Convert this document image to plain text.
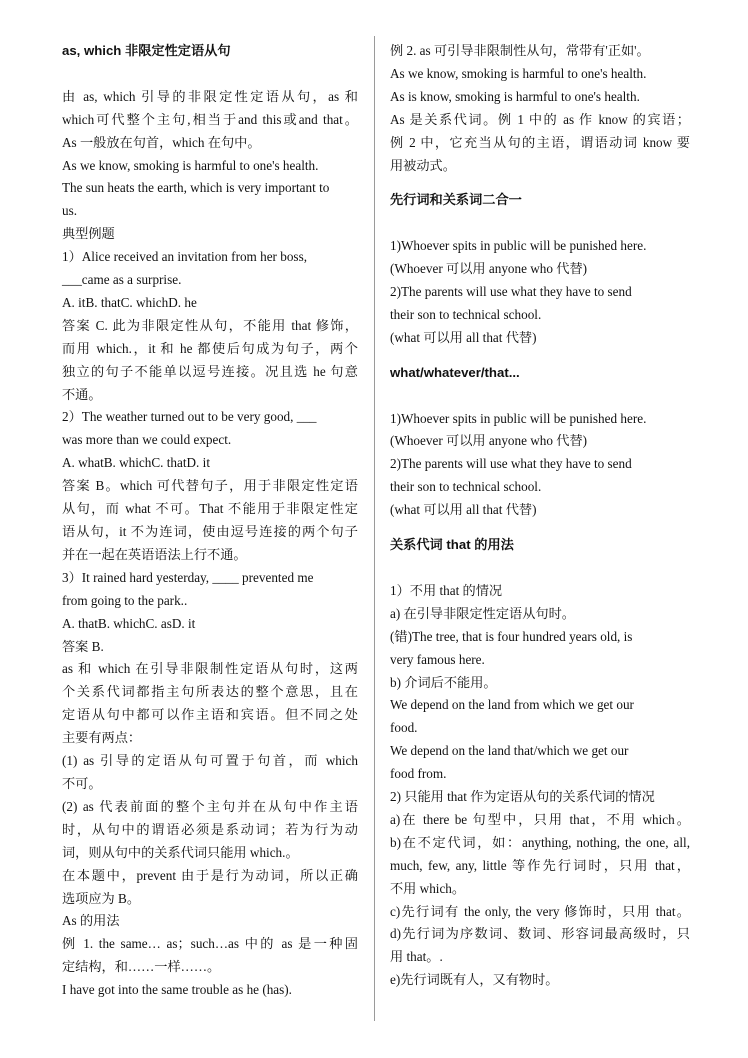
as, which 非限定性定语从句
由 as, which 引导的非限定性定语从句，as 和
which可代整个主句,相当于and this或and that。
As 一般放在句首，which 在句中。
As we know, smoking is harmful to one's health.
The sun heats the earth, which is very important to
us.
典型例题
1）Alice received an invitation from her boss,
___came as a surprise.
A. itB. thatC. whichD. he
答案 C. 此为非限定性从句，不能用 that 修饰，
而用 which.，it 和 he 都使后句成为句子，两个
独立的句子不能单以逗号连接。况且选 he 句意
不通。
2）The weather turned out to be very good, ___
was more than we could expect.
A. whatB. whichC. thatD. it
答案 B。which 可代替句子，用于非限定性定语
从句，而 what 不可。That 不能用于非限定性定
语从句，it 不为连词，使由逗号连接的两个句子
并在一起在英语语法上行不通。
3）It rained hard yesterday, ____ prevented me
from going to the park..
A. thatB. whichC. asD. it
答案 B.
as 和 which 在引导非限制性定语从句时，这两
个关系代词都指主句所表达的整个意思，且在
定语从句中都可以作主语和宾语。但不同之处
主要有两点：
(1) as 引导的定语从句可置于句首，而 which
不可。
(2) as 代表前面的整个主句并在从句中作主语
时，从句中的谓语必须是系动词；若为行为动
词，则从句中的关系代词只能用 which.。
在本题中，prevent 由于是行为动词，所以正确
选项应为 B。
As 的用法
例 1. the same… as；such…as 中的 as 是一种固
定结构，和……一样……。
I have got into the same trouble as he (has).
例 2. as 可引导非限制性从句，常带有'正如'。
As we know, smoking is harmful to one's health.
As is know, smoking is harmful to one's health.
As 是关系代词。例 1 中的 as 作 know 的宾语；
例 2 中，它充当从句的主语，谓语动词 know 要
用被动式。
先行词和关系词二合一
1)Whoever spits in public will be punished here.
(Whoever 可以用 anyone who 代替)
2)The parents will use what they have to send
their son to technical school.
(what 可以用 all that 代替)
what/whatever/that...
1)Whoever spits in public will be punished here.
(Whoever 可以用 anyone who 代替)
2)The parents will use what they have to send
their son to technical school.
(what 可以用 all that 代替)
关系代词 that 的用法
1）不用 that 的情况
a) 在引导非限定性定语从句时。
(错)The tree, that is four hundred years old, is
very famous here.
b) 介词后不能用。
We depend on the land from which we get our
food.
We depend on the land that/which we get our
food from.
2) 只能用 that 作为定语从句的关系代词的情况
a)在 there be 句型中，只用 that，不用 which。
b)在不定代词，如：anything, nothing, the one, all,
much, few, any, little 等作先行词时，只用 that，
不用 which。
c)先行词有 the only, the very 修饰时，只用 that。
d)先行词为序数词、数词、形容词最高级时，只
用 that。.
e)先行词既有人，又有物时。
